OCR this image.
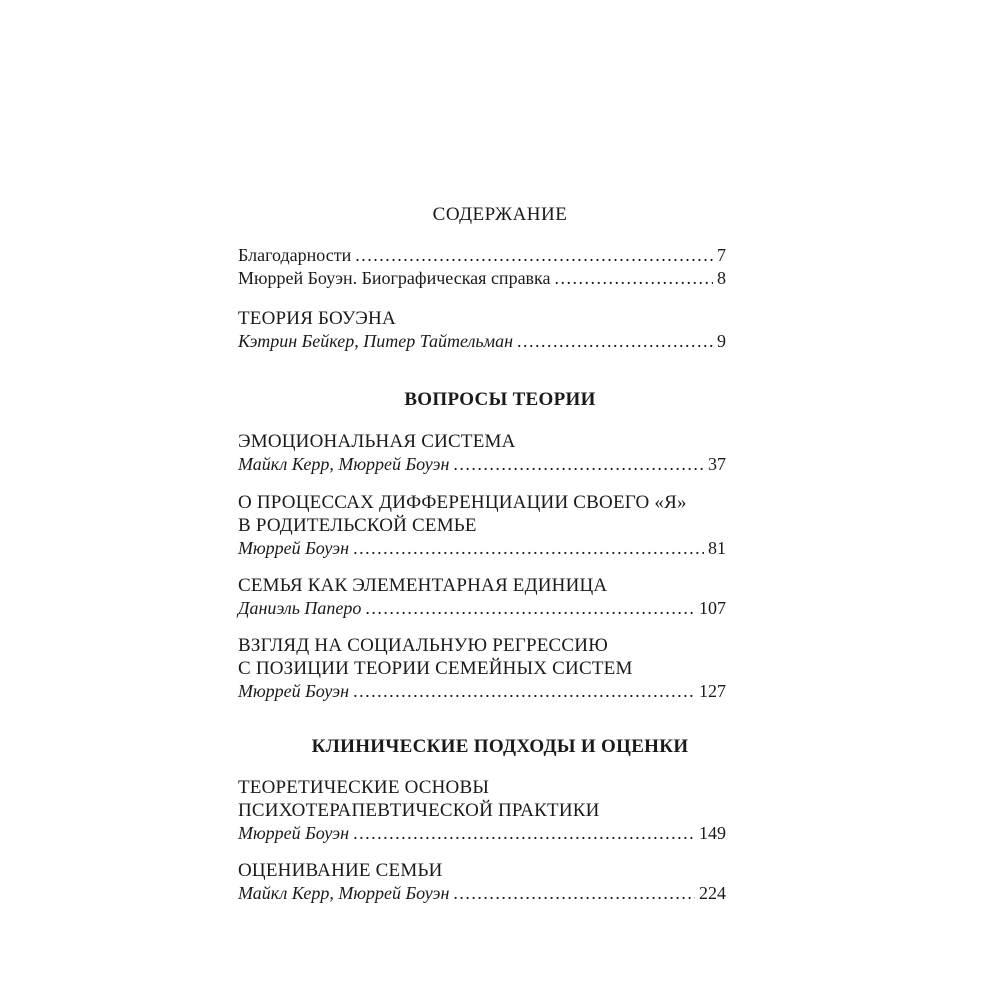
СОДЕРЖАНИЕ
Благодарности .....	7
Мюррей Боуэн. Биографическая справка .....	8
ТЕОРИЯ БОУЭНА
Кэтрин Бейкер, Питер Тайтельман .....	9
ВОПРОСЫ ТЕОРИИ
ЭМОЦИОНАЛЬНАЯ СИСТЕМА
Майкл Керр, Мюррей Боуэн .....	37
О ПРОЦЕССАХ ДИФФЕРЕНЦИАЦИИ СВОЕГО «Я»
В РОДИТЕЛЬСКОЙ СЕМЬЕ
Мюррей Боуэн .....	81
СЕМЬЯ КАК ЭЛЕМЕНТАРНАЯ ЕДИНИЦА
Даниэль Паперо .....	107
ВЗГЛЯД НА СОЦИАЛЬНУЮ РЕГРЕССИЮ
С ПОЗИЦИИ ТЕОРИИ СЕМЕЙНЫХ СИСТЕМ
Мюррей Боуэн .....	127
КЛИНИЧЕСКИЕ ПОДХОДЫ И ОЦЕНКИ
ТЕОРЕТИЧЕСКИЕ ОСНОВЫ
ПСИХОТЕРАПЕВТИЧЕСКОЙ ПРАКТИКИ
Мюррей Боуэн .....	149
ОЦЕНИВАНИЕ СЕМЬИ
Майкл Керр, Мюррей Боуэн .....	224
